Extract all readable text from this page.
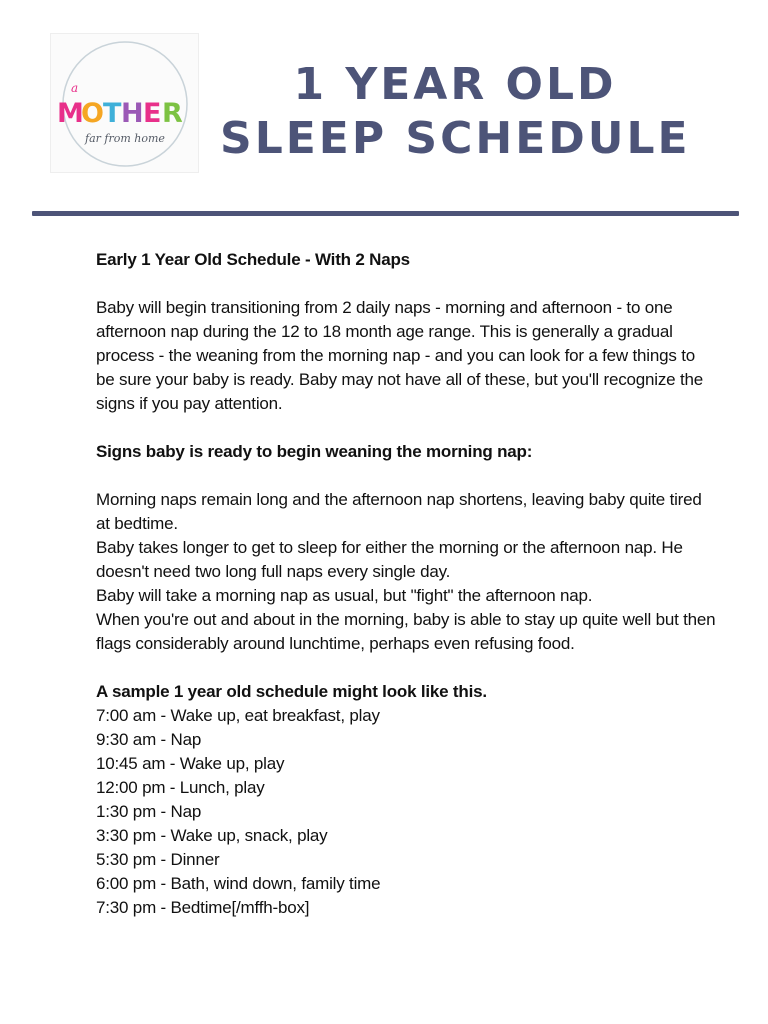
a
M
O T H E R
far from home
1 YEAR OLD
SLEEP SCHEDULE

Early 1 Year Old Schedule - With 2 Naps

Baby will begin transitioning from 2 daily naps - morning and afternoon - to one afternoon nap during the 12 to 18 month age range. This is generally a gradual process - the weaning from the morning nap - and you can look for a few things to be sure your baby is ready. Baby may not have all of these, but you'll recognize the signs if you pay attention.

Signs baby is ready to begin weaning the morning nap:

Morning naps remain long and the afternoon nap shortens, leaving baby quite tired at bedtime.

Baby takes longer to get to sleep for either the morning or the afternoon nap. He doesn't need two long full naps every single day.

Baby will take a morning nap as usual, but "fight" the afternoon nap.

When you're out and about in the morning, baby is able to stay up quite well but then flags considerably around lunchtime, perhaps even refusing food.

A sample 1 year old schedule might look like this.

7:00 am - Wake up, eat breakfast, play
9:30 am - Nap
10:45 am - Wake up, play
12:00 pm - Lunch, play
1:30 pm - Nap
3:30 pm - Wake up, snack, play
5:30 pm - Dinner
6:00 pm - Bath, wind down, family time
7:30 pm - Bedtime[/mffh-box]
